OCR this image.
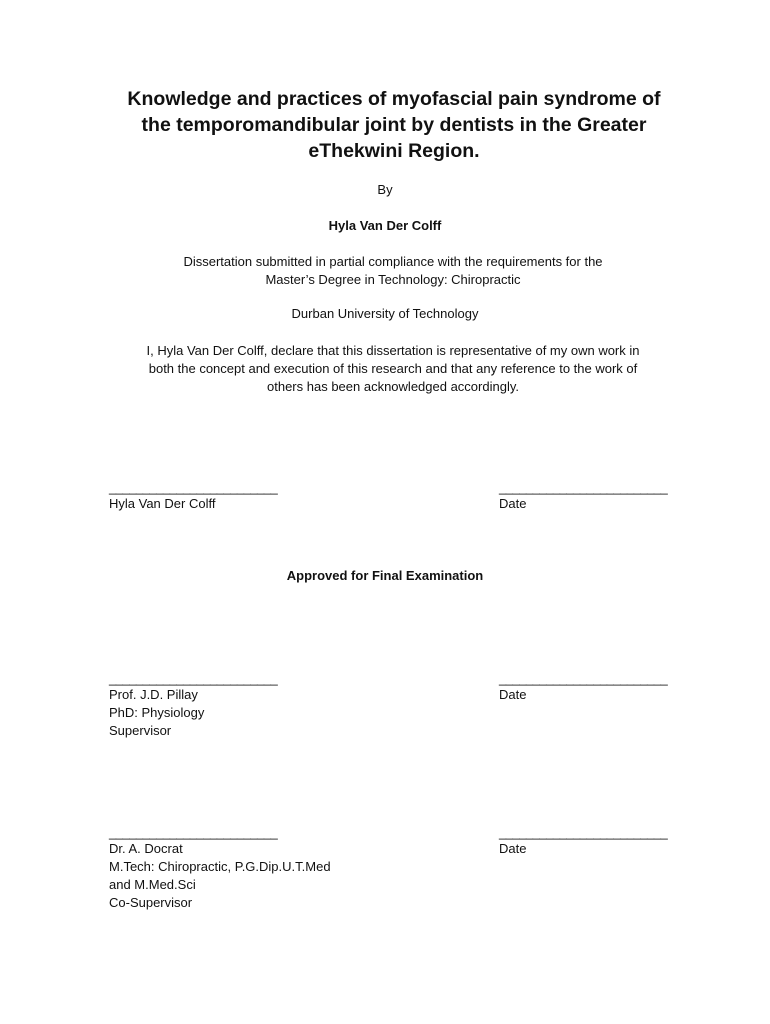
Knowledge and practices of myofascial pain syndrome of
the temporomandibular joint by dentists in the Greater
eThekwini Region.
By
Hyla Van Der Colff
Dissertation submitted in partial compliance with the requirements for the
Master’s Degree in Technology: Chiropractic
Durban University of Technology
I, Hyla Van Der Colff, declare that this dissertation is representative of my own work in
both the concept and execution of this research and that any reference to the work of
others has been acknowledged accordingly.
_________________________
Hyla Van Der Colff
_________________________
Date
Approved for Final Examination
_________________________
Prof. J.D. Pillay
PhD: Physiology
Supervisor
_________________________
Date
_________________________
Dr. A. Docrat
M.Tech: Chiropractic, P.G.Dip.U.T.Med
and M.Med.Sci
Co-Supervisor
_________________________
Date
